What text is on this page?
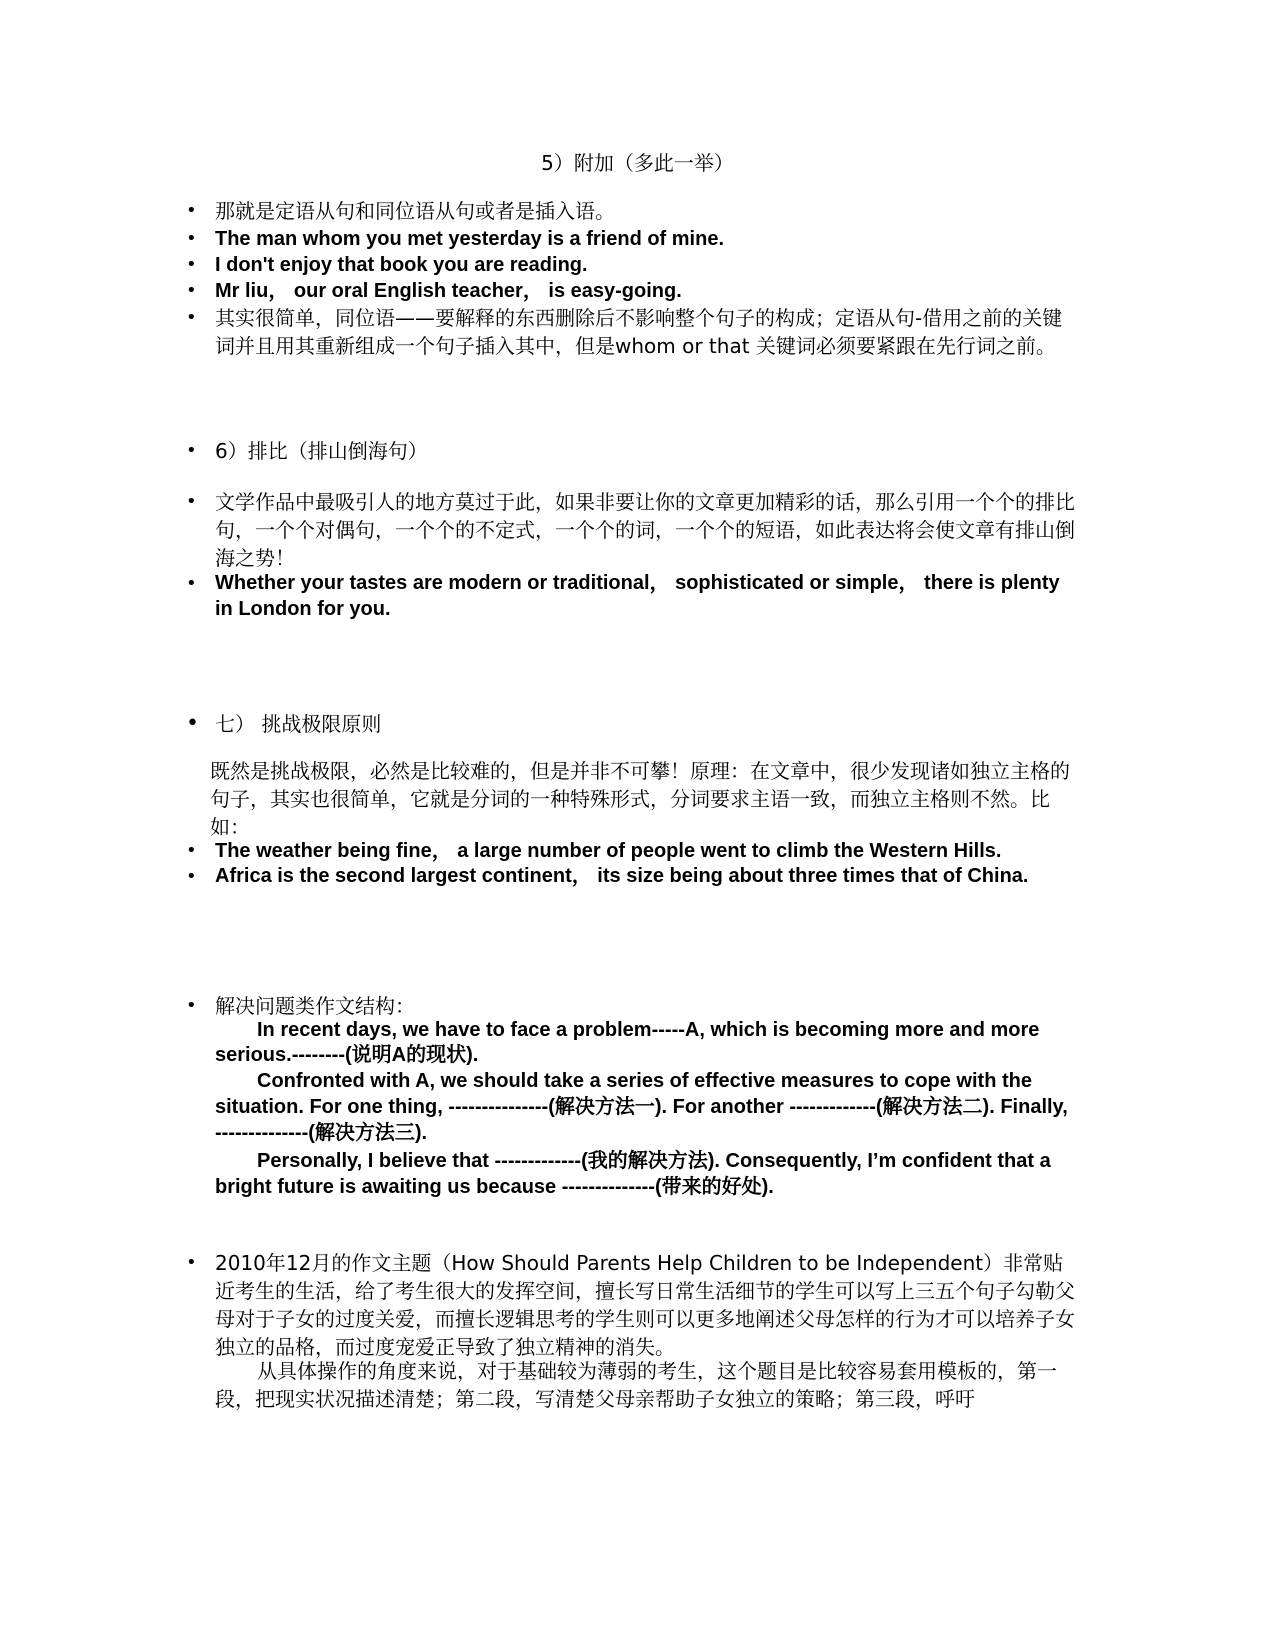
5）附加（多此一举）
• 那就是定语从句和同位语从句或者是插入语。

• The man whom you met yesterday is a friend of mine.

• I don't enjoy that book you are reading.

• Mr liu， our oral English teacher， is easy-going.

• 其实很简单，同位语——要解释的东西删除后不影响整个句子的构成；定语从句-借用之前的关键词并且用其重新组成一个句子插入其中，但是whom or that 关键词必须要紧跟在先行词之前。

• 6）排比（排山倒海句）

• 文学作品中最吸引人的地方莫过于此，如果非要让你的文章更加精彩的话，那么引用一个个的排比句，一个个对偶句，一个个的不定式，一个个的词，一个个的短语，如此表达将会使文章有排山倒海之势！

• Whether your tastes are modern or traditional， sophisticated or simple， there is plenty in London for you.

• 七） 挑战极限原则

既然是挑战极限，必然是比较难的，但是并非不可攀！原理：在文章中，很少发现诸如独立主格的句子，其实也很简单，它就是分词的一种特殊形式，分词要求主语一致，而独立主格则不然。比如：

• The weather being fine， a large number of people went to climb the Western Hills.

• Africa is the second largest continent， its size being about three times that of China.

• 解决问题类作文结构：

In recent days, we have to face a problem-----A, which is becoming more and more serious.--------(说明A的现状).

Confronted with A, we should take a series of effective measures to cope with the situation. For one thing, ---------------(解决方法一). For another -------------(解决方法二). Finally, --------------(解决方法三).

Personally, I believe that -------------(我的解决方法). Consequently, I’m confident that a bright future is awaiting us because --------------(带来的好处).

• 2010年12月的作文主题（How Should Parents Help Children to be Independent）非常贴近考生的生活，给了考生很大的发挥空间，擅长写日常生活细节的学生可以写上三五个句子勾勒父母对于子女的过度关爱，而擅长逻辑思考的学生则可以更多地阐述父母怎样的行为才可以培养子女独立的品格，而过度宠爱正导致了独立精神的消失。

从具体操作的角度来说，对于基础较为薄弱的考生，这个题目是比较容易套用模板的，第一段，把现实状况描述清楚；第二段，写清楚父母亲帮助子女独立的策略；第三段，呼吁
